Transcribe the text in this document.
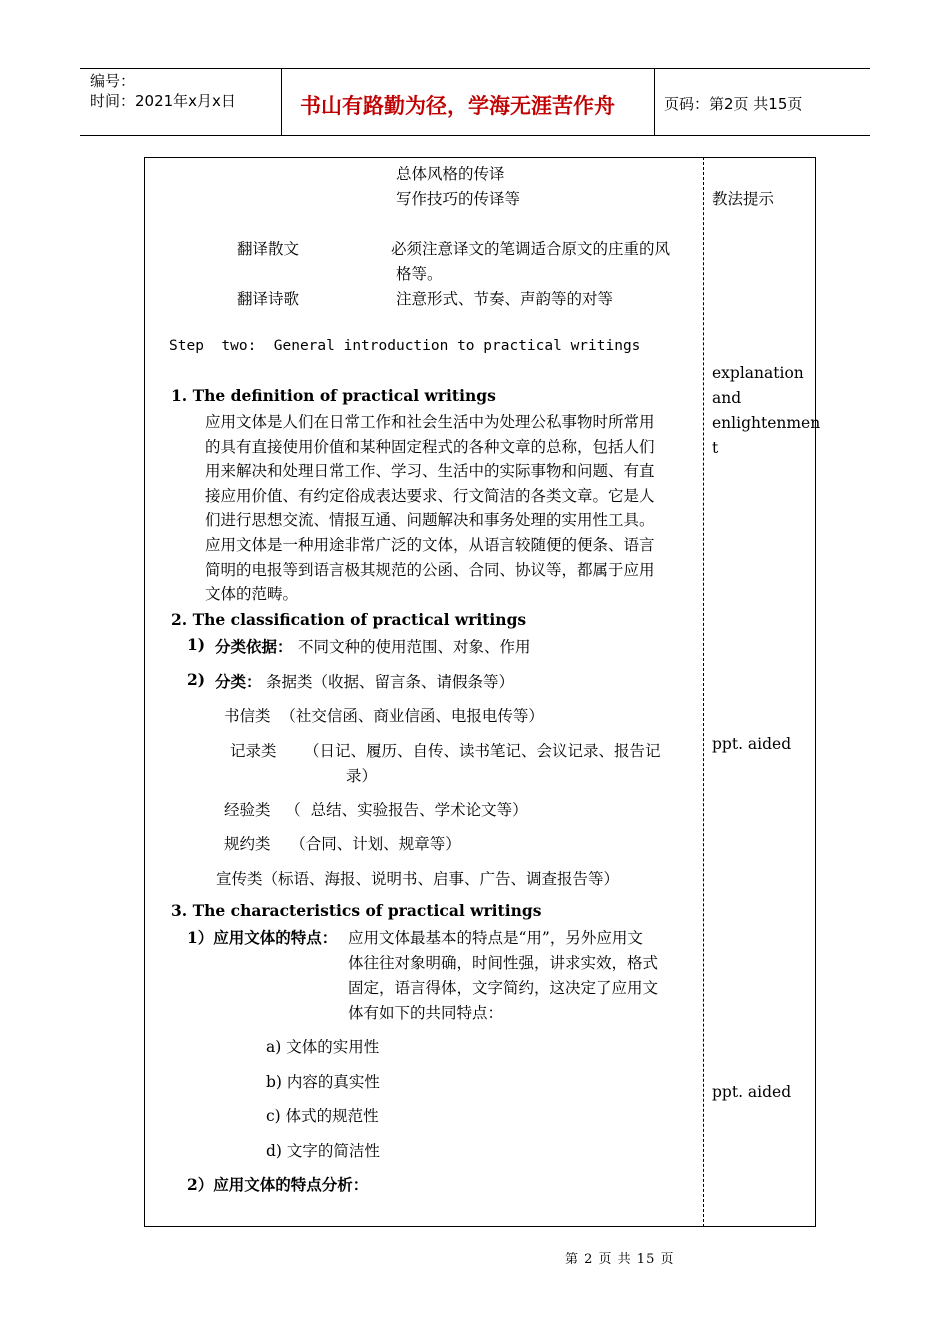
编号：
时间：2021年x月x日	书山有路勤为径，学海无涯苦作舟	页码：第2页 共15页
总体风格的传译
写作技巧的传译等
翻译散文	必须注意译文的笔调适合原文的庄重的风
格等。
翻译诗歌	注意形式、节奏、声韵等的对等
Step  two:  General introduction to practical writings
1. The definition of practical writings
应用文体是人们在日常工作和社会生活中为处理公私事物时所常用
的具有直接使用价值和某种固定程式的各种文章的总称，包括人们
用来解决和处理日常工作、学习、生活中的实际事物和问题、有直
接应用价值、有约定俗成表达要求、行文简洁的各类文章。它是人
们进行思想交流、情报互通、问题解决和事务处理的实用性工具。
应用文体是一种用途非常广泛的文体，从语言较随便的便条、语言
简明的电报等到语言极其规范的公函、合同、协议等，都属于应用
文体的范畴。
2. The classification of practical writings
1) 分类依据： 不同文种的使用范围、对象、作用
2) 分类： 条据类（收据、留言条、请假条等）
书信类  （社交信函、商业信函、电报电传等）
记录类 （日记、履历、自传、读书笔记、会议记录、报告记
录）
经验类   （  总结、实验报告、学术论文等）
规约类    （合同、计划、规章等）
宣传类（标语、海报、说明书、启事、广告、调查报告等）
3. The characteristics of practical writings
1）应用文体的特点： 应用文体最基本的特点是“用”，另外应用文
体往往对象明确，时间性强，讲求实效，格式
固定，语言得体，文字简约，这决定了应用文
体有如下的共同特点：
a) 文体的实用性
b) 内容的真实性
c) 体式的规范性
d) 文字的简洁性
2）应用文体的特点分析：
教法提示
explanation
and
enlightenmen
t
ppt. aided
ppt. aided
第 2 页 共 15 页
